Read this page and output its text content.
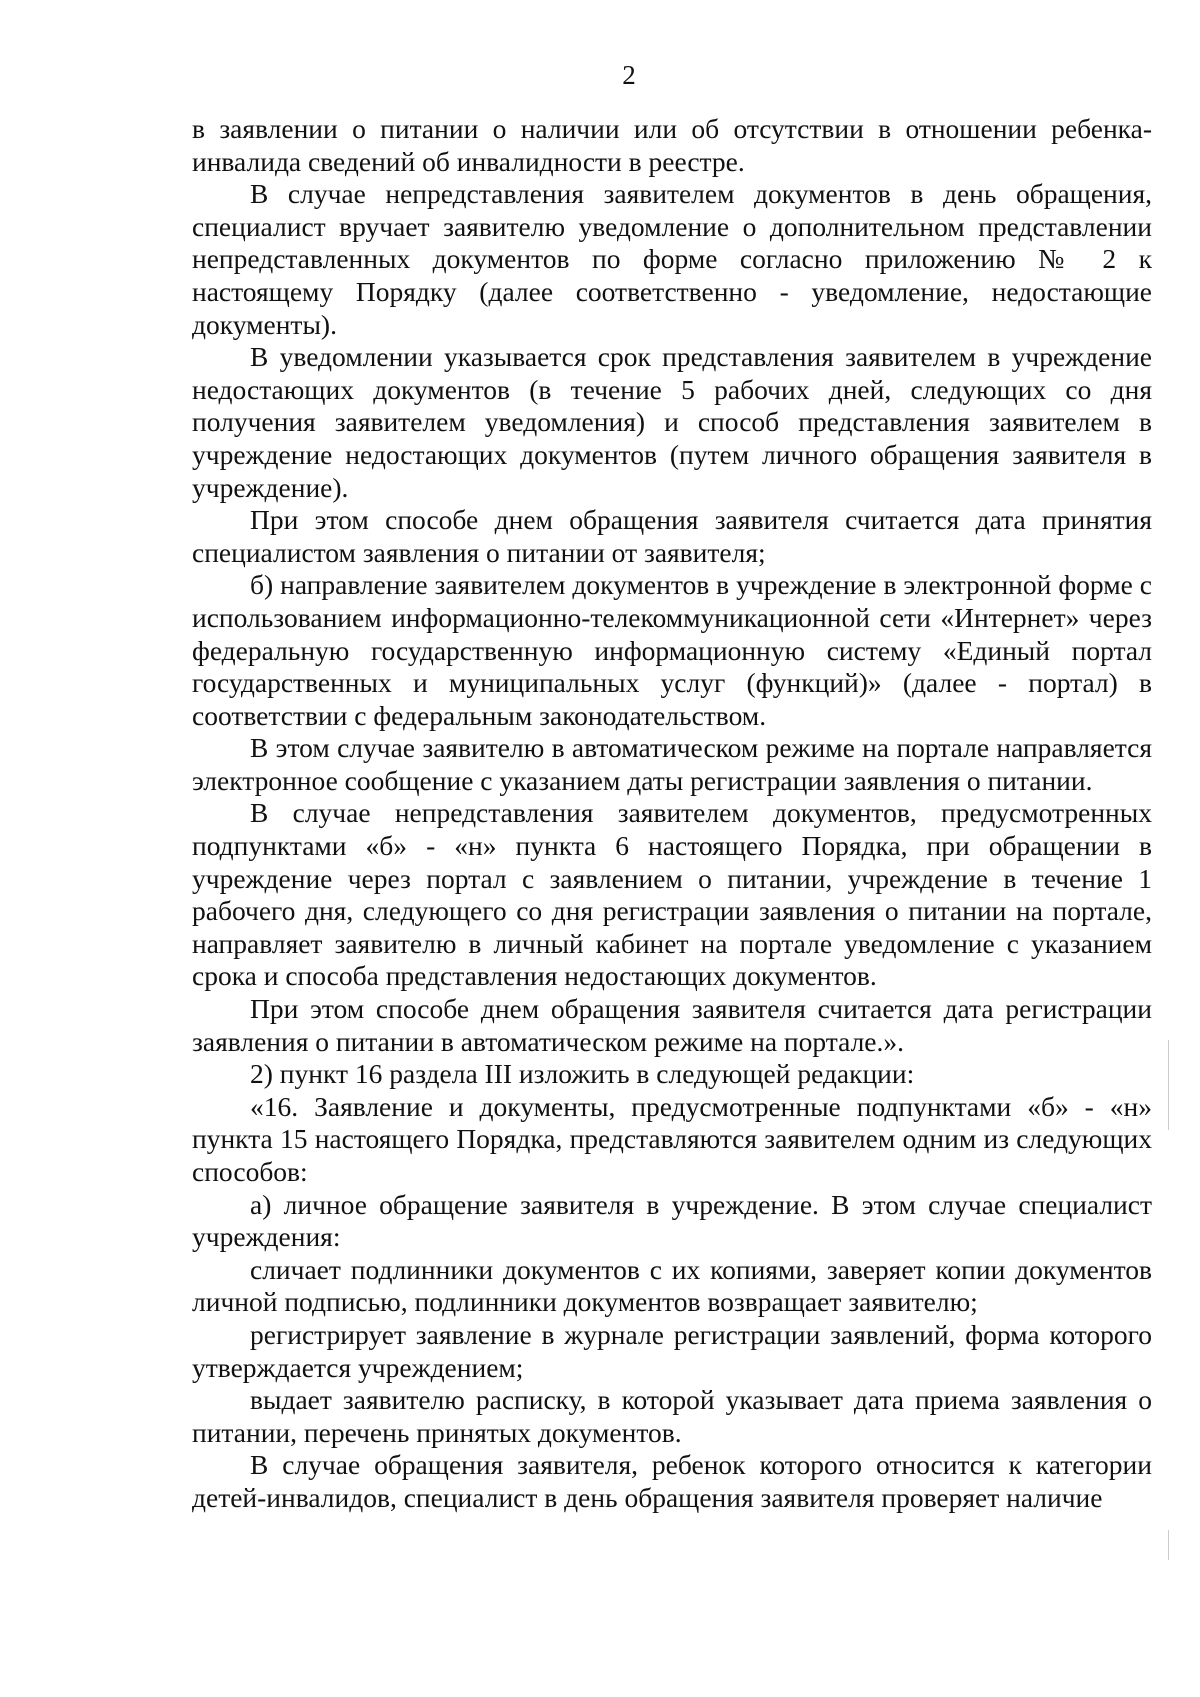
2

в заявлении о питании о наличии или об отсутствии в отношении ребенка-инвалида сведений об инвалидности в реестре.

В случае непредставления заявителем документов в день обращения, специалист вручает заявителю уведомление о дополнительном представлении непредставленных документов по форме согласно приложению № 2 к настоящему Порядку (далее соответственно - уведомление, недостающие документы).

В уведомлении указывается срок представления заявителем в учреждение недостающих документов (в течение 5 рабочих дней, следующих со дня получения заявителем уведомления) и способ представления заявителем в учреждение недостающих документов (путем личного обращения заявителя в учреждение).

При этом способе днем обращения заявителя считается дата принятия специалистом заявления о питании от заявителя;

б) направление заявителем документов в учреждение в электронной форме с использованием информационно-телекоммуникационной сети «Интернет» через федеральную государственную информационную систему «Единый портал государственных и муниципальных услуг (функций)» (далее - портал) в соответствии с федеральным законодательством.

В этом случае заявителю в автоматическом режиме на портале направляется электронное сообщение с указанием даты регистрации заявления о питании.

В случае непредставления заявителем документов, предусмотренных подпунктами «б» - «н» пункта 6 настоящего Порядка, при обращении в учреждение через портал с заявлением о питании, учреждение в течение 1 рабочего дня, следующего со дня регистрации заявления о питании на портале, направляет заявителю в личный кабинет на портале уведомление с указанием срока и способа представления недостающих документов.

При этом способе днем обращения заявителя считается дата регистрации заявления о питании в автоматическом режиме на портале.».

2) пункт 16 раздела III изложить в следующей редакции:

«16. Заявление и документы, предусмотренные подпунктами «б» - «н» пункта 15 настоящего Порядка, представляются заявителем одним из следующих способов:

а) личное обращение заявителя в учреждение. В этом случае специалист учреждения:

сличает подлинники документов с их копиями, заверяет копии документов личной подписью, подлинники документов возвращает заявителю;

регистрирует заявление в журнале регистрации заявлений, форма которого утверждается учреждением;

выдает заявителю расписку, в которой указывает дата приема заявления о питании, перечень принятых документов.

В случае обращения заявителя, ребенок которого относится к категории детей-инвалидов, специалист в день обращения заявителя проверяет наличие
